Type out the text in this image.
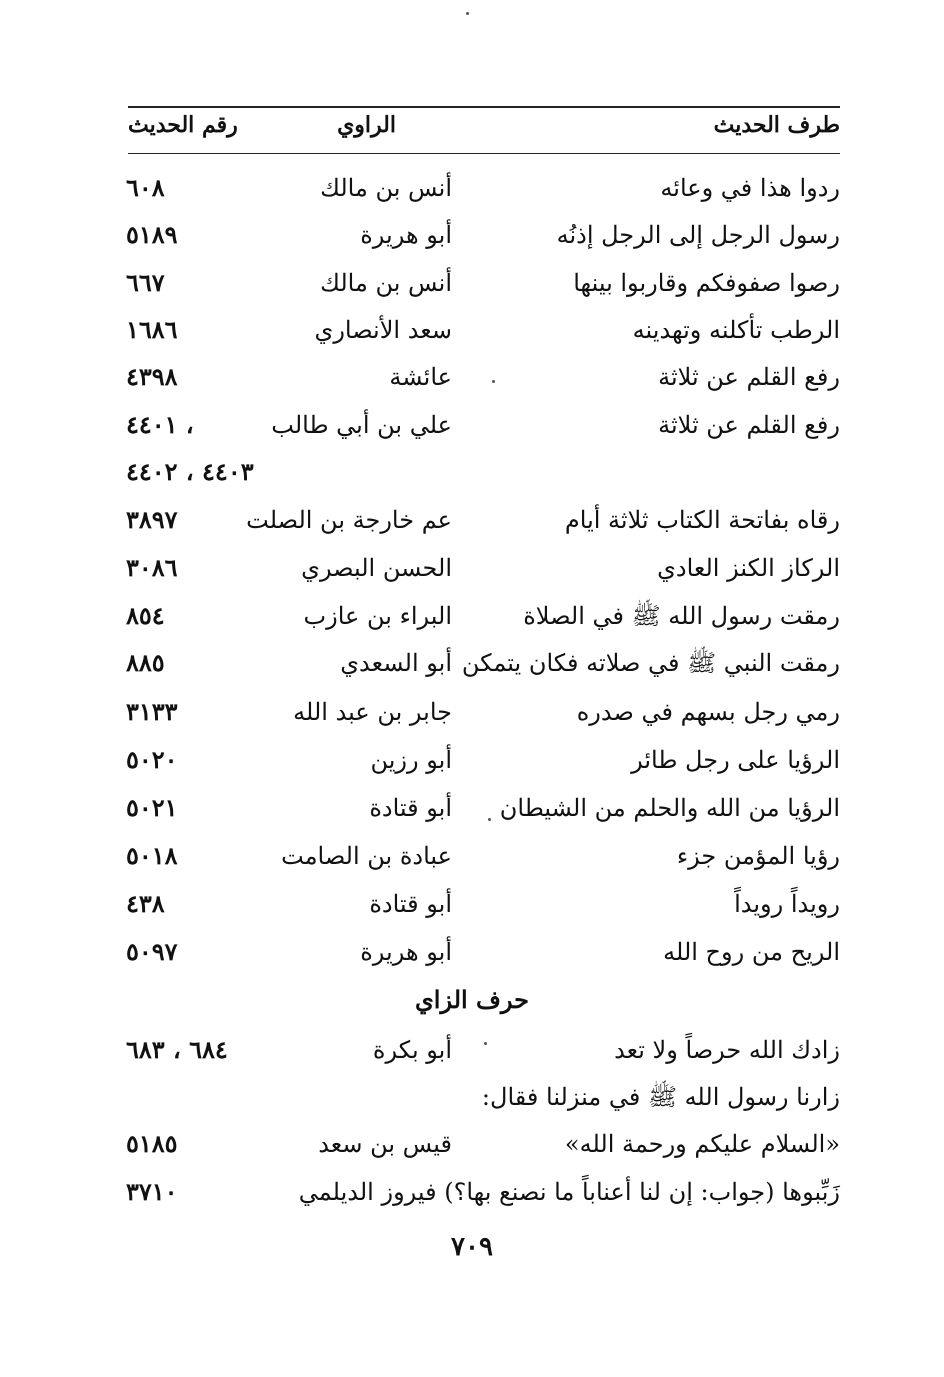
طرف الحديث
الراوي
رقم الحديث
ردوا هذا في وعائه
أنس بن مالك
٦٠٨
رسول الرجل إلى الرجل إذنُه
أبو هريرة
٥١٨٩
رصوا صفوفكم وقاربوا بينها
أنس بن مالك
٦٦٧
الرطب تأكلنه وتهدينه
سعد الأنصاري
١٦٨٦
رفع القلم عن ثلاثة
عائشة
٤٣٩٨
رفع القلم عن ثلاثة
علي بن أبي طالب
٤٤٠١ ،
٤٤٠٣ ، ٤٤٠٢
رقاه بفاتحة الكتاب ثلاثة أيام
عم خارجة بن الصلت
٣٨٩٧
الركاز الكنز العادي
الحسن البصري
٣٠٨٦
رمقت رسول الله ﷺ في الصلاة
البراء بن عازب
٨٥٤
رمقت النبي ﷺ في صلاته فكان يتمكن
أبو السعدي
٨٨٥
رمي رجل بسهم في صدره
جابر بن عبد الله
٣١٣٣
الرؤيا على رجل طائر
أبو رزين
٥٠٢٠
الرؤيا من الله والحلم من الشيطان
أبو قتادة
٥٠٢١
رؤيا المؤمن جزء
عبادة بن الصامت
٥٠١٨
رويداً رويداً
أبو قتادة
٤٣٨
الريح من روح الله
أبو هريرة
٥٠٩٧
حرف الزاي
زادك الله حرصاً ولا تعد
أبو بكرة
٦٨٤ ، ٦٨٣
زارنا رسول الله ﷺ في منزلنا فقال:
«السلام عليكم ورحمة الله»
قيس بن سعد
٥١٨٥
زَبِّبوها (جواب: إن لنا أعناباً ما نصنع بها؟) فيروز الديلمي
٣٧١٠
٧٠٩
